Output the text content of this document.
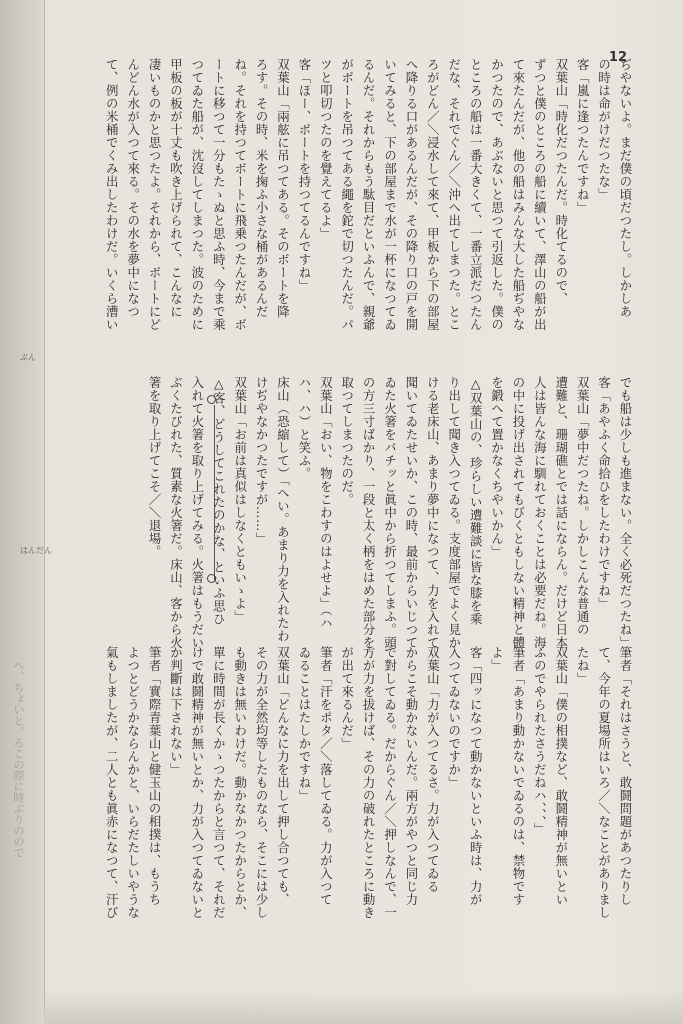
ぶん
はんだん
へ、ちょいと、ろこの際に時ぶりのので
12
ぢやないよ。まだ僕の頃だつたし。しかしあ
の時は命がけだつたな」
客「嵐に逢つたんですね」
双葉山「時化だつたんだ。時化てるので、
ずつと僕のところの船に續いて、澤山の船が出
て來たんだが、他の船はみんな大した船ぢやな
かつたので、あぶないと思つて引返した。僕の
ところの船は一番大きくて、一番立派だつたん
だな、それでぐん／＼沖へ出てしまつた。とこ
ろがどん／＼浸水して來て、甲板から下の部屋
へ降りる口があるんだが、その降り口の戸を開
いてみると、下の部屋まで水が一杯になつてゐ
るんだ。それからもう駄目だといふんで、親爺
がボートを吊つてある繩を鉈で切つたんだ。パ
ツと叩切つたのを覺えてるよ」
客「ほー、ボートを持つてるんですね」
双葉山「兩舷に吊つてある。そのボートを降
ろす。その時、米を掬ふ小さな桶があるんだ
ね。それを持つてボートに飛乗つたんだが、ボ
ートに移つて一分もたゝぬと思ふ時、今まで乘
つてゐた船が、沈沒してしまつた。波のために
甲板の板が十丈も吹き上げられて、こんなに
凄いものかと思つたよ。それから、ボートにど
んどん水が入つて來る。その水を夢中になつ
て、例の米桶でくみ出したわけだ。いくら漕い
でも船は少しも進まない。全く必死だつたね」
客「あやふく命拾ひをしたわけですね」
双葉山「夢中だつたね。しかしこんな普通の
遭難と、珊瑚礁とでは話にならん。だけど日本
人は皆んな海に馴れておくことは必要だね。海
の中に投げ出されてもびくともしない精神と體
を鍛へて置かなくちやいかん」
△双葉山の、珍らしい遭難談に皆な膝を乘
り出して聞き入つてゐる。支度部屋でよく見か
ける老床山、あまり夢中になつて、力を入れて
聞いてゐたせいか、この時、最前からいじつて
ゐた火箸をバチッと眞中から折つてしまふ。頭
の方三寸ばかり、一段と太く柄をはめた部分を
取つてしまつたのだ。
双葉山「おい、物をこわすのはよせよ」（ハ
ハ、ハ）と笑ふ。
床山（恐縮して）「へい。あまり力を入れたわ
けぢやなかつたですが……」
双葉山「お前は真似はしなくともいゝよ」
△客、どうしてこれたのかな、といふ思ひ
入れて火箸を取り上げてみる。火箸はもうだい
ぶくたびれた、質素な火箸だ。床山、客から火
箸を取り上げてこそ／＼退場。
筆者「それはさうと、敢鬪問題があつたりし
て、今年の夏場所はいろ／＼なことがありまし
たね」
双葉山「僕の相撲など、敢鬪精神が無いとい
ふのでやられたさうだねハ、、、」
筆者「あまり動かないでゐるのは、禁物です
よ」
客「四ッになつて動かないといふ時は、力が
入つてゐないのですか」
双葉山「力が入つてるさ。力が入つてゐる
からこそ動かないんだ。兩方がやつと同じ力
で對してゐる。だからぐん／＼押しなんで、一
方が力を拔けば、その力の破れたところに動き
が出て來るんだ」
筆者「汗をポタ／＼落してゐる。力が入つて
ゐることはたしかですね」
双葉山「どんなに力を出して押し合つても、
その力が全然均等したものなら、そこには少し
も動きは無いわけだ。動かなかつたからとか、
單に時間が長くかゝつたからと言つて、それだ
けで敢鬪精神が無いとか、力が入つてゐないと
か判斷は下されない」
筆者「實際青葉山と健玉山の相撲は、もうち
よつとどうかならんかと、いらだたしいやうな
氣もしましたが、二人とも眞赤になつて、汗び
